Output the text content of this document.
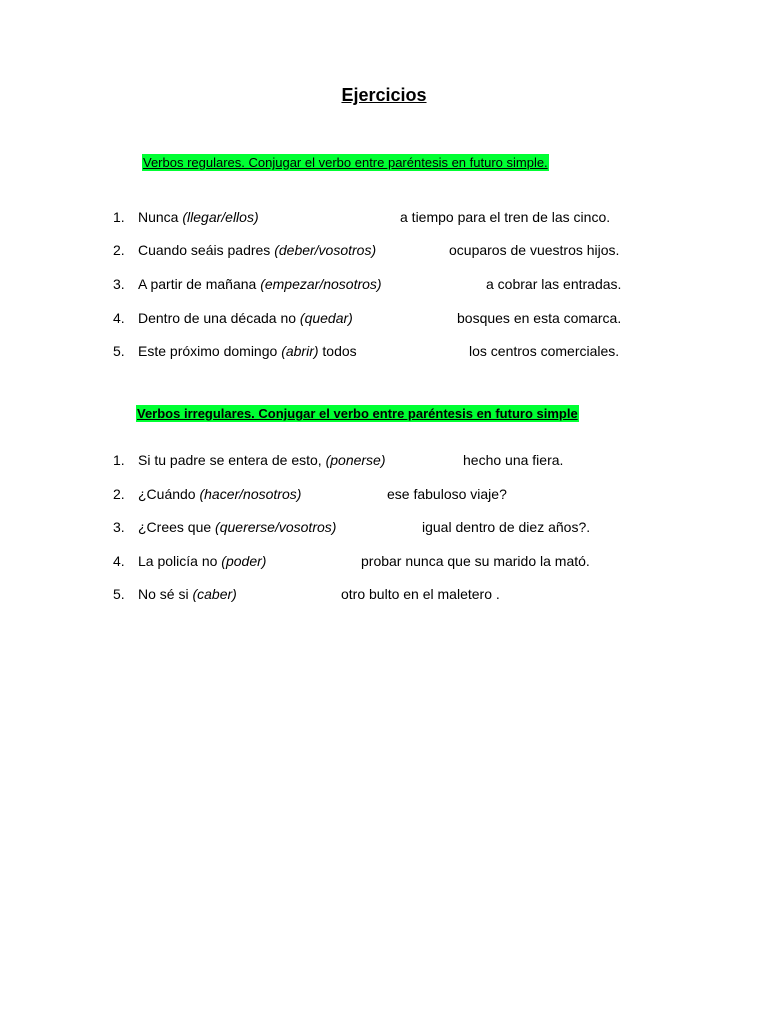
Ejercicios
Verbos regulares. Conjugar el verbo entre paréntesis en futuro simple.
1. Nunca (llegar/ellos)	a tiempo para el tren de las cinco.
2. Cuando seáis padres (deber/vosotros)	ocuparos de vuestros hijos.
3. A partir de mañana (empezar/nosotros)	a cobrar las entradas.
4. Dentro de una década no (quedar)	bosques en esta comarca.
5. Este próximo domingo (abrir) todos	los centros comerciales.
Verbos irregulares. Conjugar el verbo entre paréntesis en futuro simple
1. Si tu padre se entera de esto, (ponerse)	hecho una fiera.
2. ¿Cuándo (hacer/nosotros)	ese fabuloso viaje?
3. ¿Crees que (quererse/vosotros)	igual dentro de diez años?.
4. La policía no (poder)	probar nunca que su marido la mató.
5. No sé si (caber)	otro bulto en el maletero .
